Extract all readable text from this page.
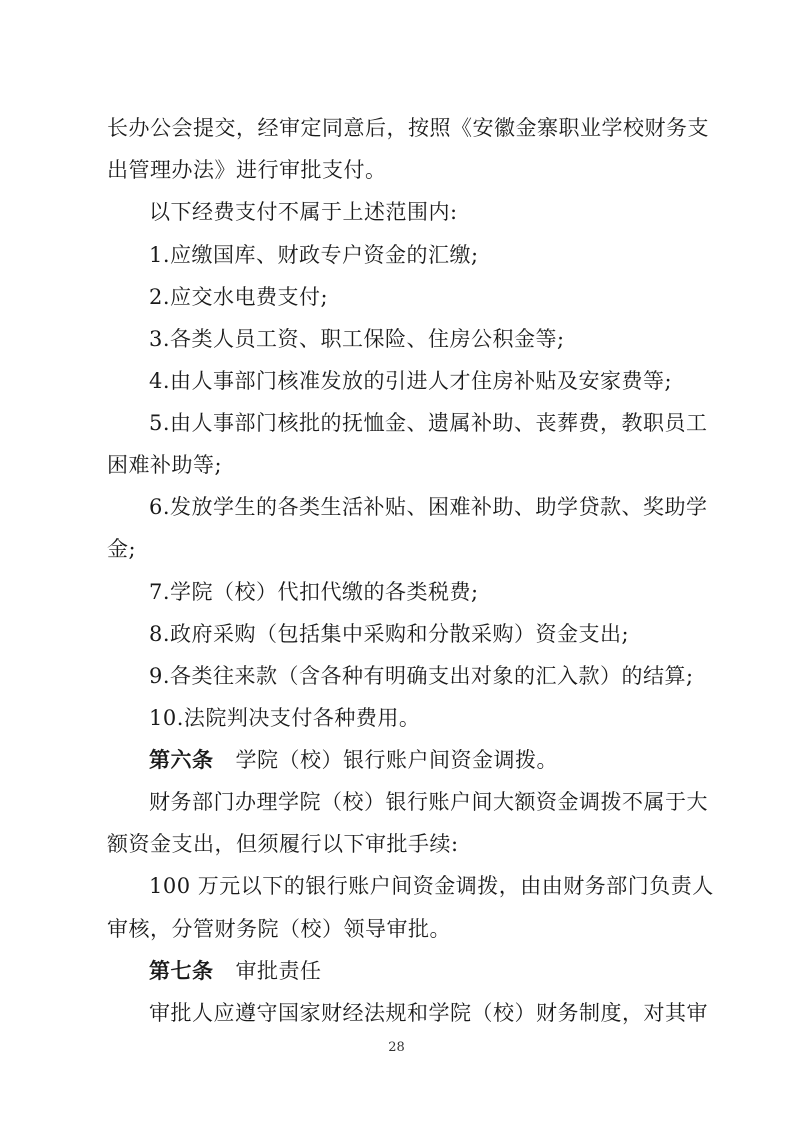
长办公会提交，经审定同意后，按照《安徽金寨职业学校财务支
出管理办法》进行审批支付。
以下经费支付不属于上述范围内:
1.应缴国库、财政专户资金的汇缴;
2.应交水电费支付;
3.各类人员工资、职工保险、住房公积金等;
4.由人事部门核准发放的引进人才住房补贴及安家费等;
5.由人事部门核批的抚恤金、遗属补助、丧葬费，教职员工
困难补助等;
6.发放学生的各类生活补贴、困难补助、助学贷款、奖助学
金;
7.学院（校）代扣代缴的各类税费;
8.政府采购（包括集中采购和分散采购）资金支出;
9.各类往来款（含各种有明确支出对象的汇入款）的结算;
10.法院判决支付各种费用。
第六条 学院（校）银行账户间资金调拨。
财务部门办理学院（校）银行账户间大额资金调拨不属于大
额资金支出，但须履行以下审批手续:
100 万元以下的银行账户间资金调拨，由由财务部门负责人
审核，分管财务院（校）领导审批。
第七条 审批责任
审批人应遵守国家财经法规和学院（校）财务制度，对其审
28
